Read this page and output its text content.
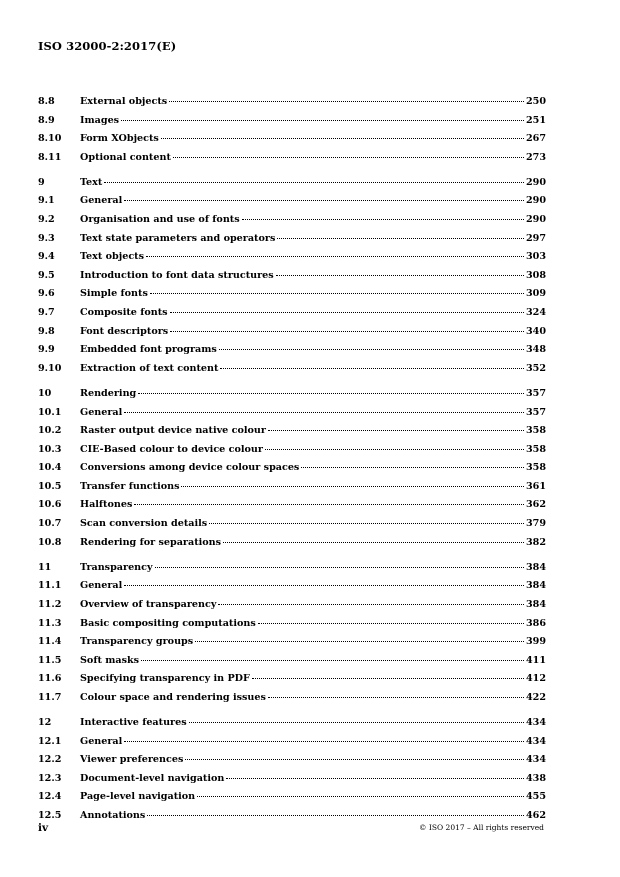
ISO 32000-2:2017(E)
8.8	External objects	250
8.9	Images	251
8.10	Form XObjects	267
8.11	Optional content	273
9	Text	290
9.1	General	290
9.2	Organisation and use of fonts	290
9.3	Text state parameters and operators	297
9.4	Text objects	303
9.5	Introduction to font data structures	308
9.6	Simple fonts	309
9.7	Composite fonts	324
9.8	Font descriptors	340
9.9	Embedded font programs	348
9.10	Extraction of text content	352
10	Rendering	357
10.1	General	357
10.2	Raster output device native colour	358
10.3	CIE-Based colour to device colour	358
10.4	Conversions among device colour spaces	358
10.5	Transfer functions	361
10.6	Halftones	362
10.7	Scan conversion details	379
10.8	Rendering for separations	382
11	Transparency	384
11.1	General	384
11.2	Overview of transparency	384
11.3	Basic compositing computations	386
11.4	Transparency groups	399
11.5	Soft masks	411
11.6	Specifying transparency in PDF	412
11.7	Colour space and rendering issues	422
12	Interactive features	434
12.1	General	434
12.2	Viewer preferences	434
12.3	Document-level navigation	438
12.4	Page-level navigation	455
12.5	Annotations	462
iv	© ISO 2017 – All rights reserved
